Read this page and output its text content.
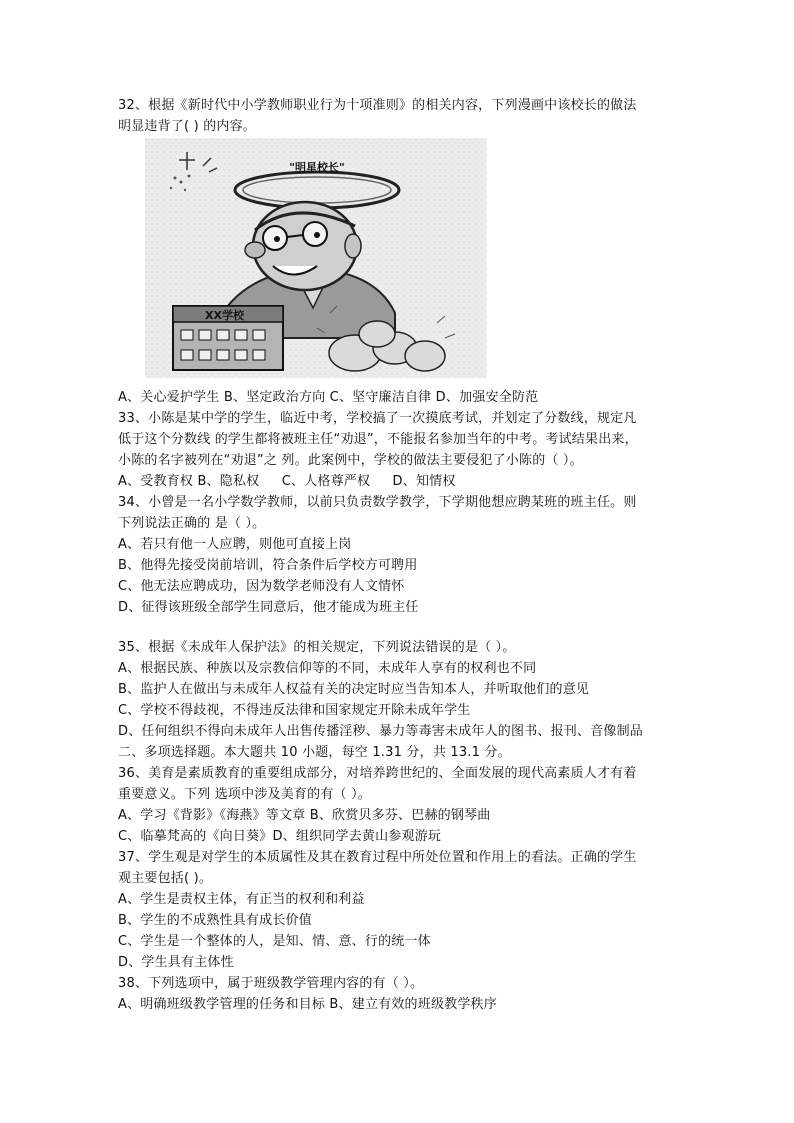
32、根据《新时代中小学教师职业行为十项准则》的相关内容，下列漫画中该校长的做法
明显违背了( ) 的内容。
"明星校长"
XX学校
A、关心爱护学生 B、坚定政治方向 C、坚守廉洁自律 D、加强安全防范
33、小陈是某中学的学生，临近中考，学校搞了一次摸底考试，并划定了分数线，规定凡
低于这个分数线 的学生都将被班主任“劝退”，不能报名参加当年的中考。考试结果出来，
小陈的名字被列在“劝退”之 列。此案例中，学校的做法主要侵犯了小陈的（ ）。
A、受教育权 B、隐私权 C、人格尊严权 D、知情权
34、小曾是一名小学数学教师，以前只负责数学教学，下学期他想应聘某班的班主任。则
下列说法正确的 是（ ）。
A、若只有他一人应聘，则他可直接上岗
B、他得先接受岗前培训，符合条件后学校方可聘用
C、他无法应聘成功，因为数学老师没有人文情怀
D、征得该班级全部学生同意后，他才能成为班主任
35、根据《未成年人保护法》的相关规定，下列说法错误的是（ ）。
A、根据民族、种族以及宗教信仰等的不同，未成年人享有的权利也不同
B、监护人在做出与未成年人权益有关的决定时应当告知本人，并听取他们的意见
C、学校不得歧视，不得违反法律和国家规定开除未成年学生
D、任何组织不得向未成年人出售传播淫秽、暴力等毒害未成年人的图书、报刊、音像制品
二、多项选择题。本大题共 10 小题，每空 1.31 分，共 13.1 分。
36、美育是素质教育的重要组成部分，对培养跨世纪的、全面发展的现代高素质人才有着
重要意义。下列 选项中涉及美育的有（ ）。
A、学习《背影》《海燕》等文章 B、欣赏贝多芬、巴赫的钢琴曲
C、临摹梵高的《向日葵》D、组织同学去黄山参观游玩
37、学生观是对学生的本质属性及其在教育过程中所处位置和作用上的看法。正确的学生
观主要包括( )。
A、学生是责权主体，有正当的权利和利益
B、学生的不成熟性具有成长价值
C、学生是一个整体的人，是知、情、意、行的统一体
D、学生具有主体性
38、下列选项中，属于班级教学管理内容的有（ ）。
A、明确班级教学管理的任务和目标 B、建立有效的班级教学秩序
